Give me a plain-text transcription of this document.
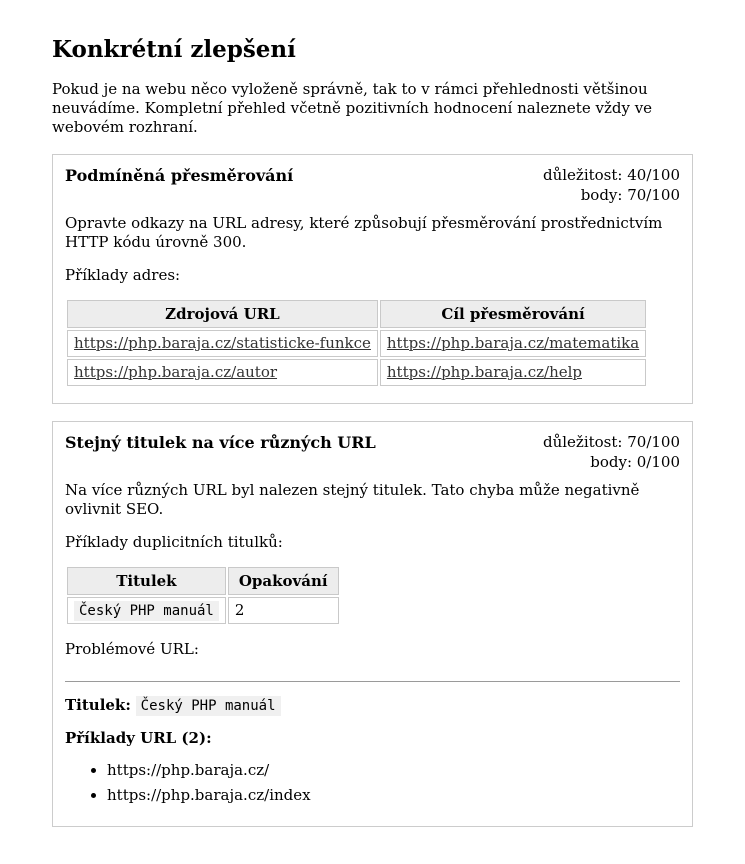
Konkrétní zlepšení

Pokud je na webu něco vyloženě správně, tak to v rámci přehlednosti většinou neuvádíme. Kompletní přehled včetně pozitivních hodnocení naleznete vždy ve webovém rozhraní.

Podmíněná přesměrování	důležitost: 40/100
body: 70/100

Opravte odkazy na URL adresy, které způsobují přesměrování prostřednictvím HTTP kódu úrovně 300.

Příklady adres:

Zdrojová URL	Cíl přesměrování
https://php.baraja.cz/statisticke-funkce	https://php.baraja.cz/matematika
https://php.baraja.cz/autor	https://php.baraja.cz/help
Stejný titulek na více různých URL	důležitost: 70/100
body: 0/100

Na více různých URL byl nalezen stejný titulek. Tato chyba může negativně ovlivnit SEO.

Příklady duplicitních titulků:

Titulek	Opakování
Český PHP manuál	2

Problémové URL:

Titulek: Český PHP manuál

Příklady URL (2):

• https://php.baraja.cz/
• https://php.baraja.cz/index
